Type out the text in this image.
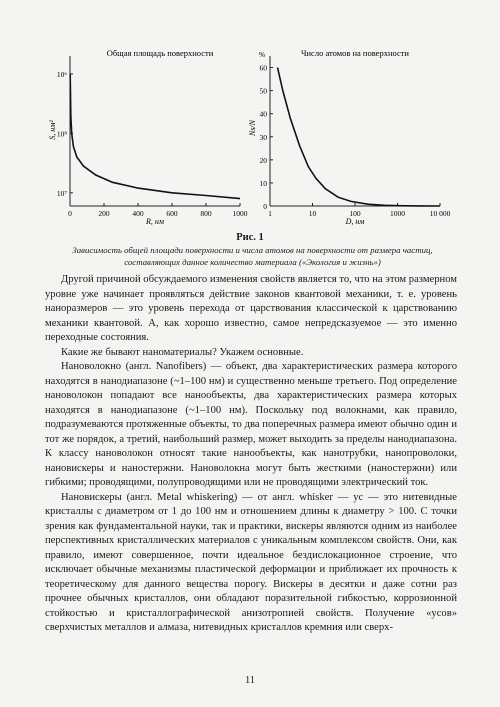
Общая площадь поверхности
0	200	400	600	800	1000
10⁶
10⁸
10⁷
S, нм²
R, нм
Число атомов на поверхности
%
1	10	100	1000	10 000
0
10
20
30
40
50
60
Ns/N
D, нм
Рис. 1
Зависимость общей площади поверхности и числа атомов на поверхности от размера частиц, составляющих данное количество материала («Экология и жизнь»)

Другой причиной обсуждаемого изменения свойств является то, что на этом размерном уровне уже начинает проявляться действие законов квантовой механики, т. е. уровень наноразмеров — это уровень перехода от царствования классической к царствованию механики квантовой. А, как хорошо известно, самое непредсказуемое — это именно переходные состояния.

Какие же бывают наноматериалы? Укажем основные.

Нановолокно (англ. Nanofibers) — объект, два характеристических размера которого находятся в нанодиапазоне (~1–100 нм) и существенно меньше третьего. Под определение нановолокон попадают все нанообъекты, два характеристических размера которых находятся в нанодиапазоне (~1–100 нм). Поскольку под волокнами, как правило, подразумеваются протяженные объекты, то два поперечных размера имеют обычно один и тот же порядок, а третий, наибольший размер, может выходить за пределы нанодиапазона. К классу нановолокон относят такие нанообъекты, как нанотрубки, нанопроволоки, нановискеры и наностержни. Нановолокна могут быть жесткими (наностержни) или гибкими; проводящими, полупроводящими или не проводящими электрический ток.

Нановискеры (англ. Metal whiskering) — от англ. whisker — ус — это нитевидные кристаллы с диаметром от 1 до 100 нм и отношением длины к диаметру > 100. С точки зрения как фундаментальной науки, так и практики, вискеры являются одним из наиболее перспективных кристаллических материалов с уникальным комплексом свойств. Они, как правило, имеют совершенное, почти идеальное бездислокационное строение, что исключает обычные механизмы пластической деформации и приближает их прочность к теоретическому для данного вещества порогу. Вискеры в десятки и даже сотни раз прочнее обычных кристаллов, они обладают поразительной гибкостью, коррозионной стойкостью и кристаллографической анизотропией свойств. Получение «усов» сверхчистых металлов и алмаза, нитевидных кристаллов кремния или сверх-

11
